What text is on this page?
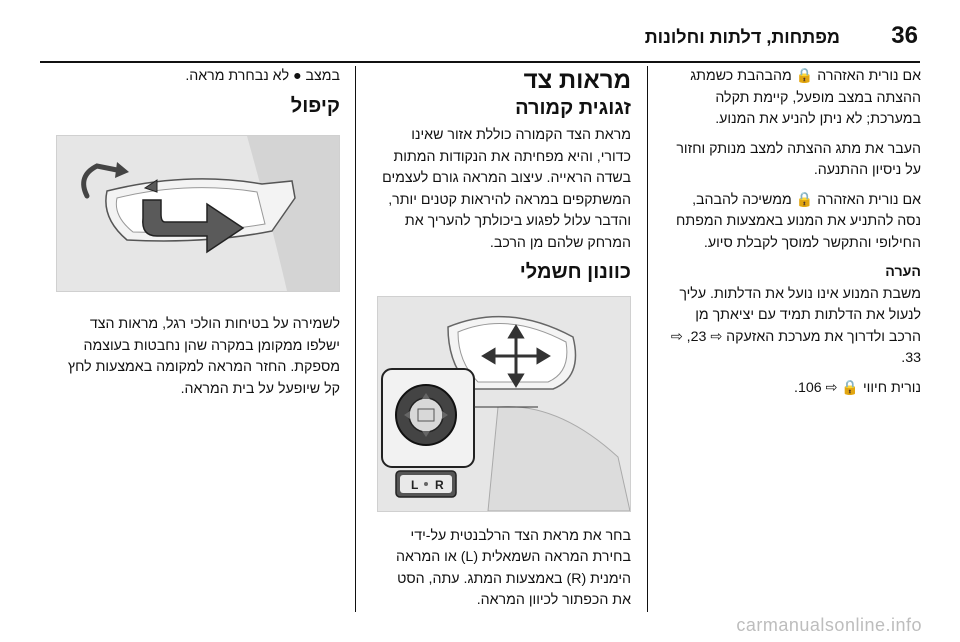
36
מפתחות, דלתות וחלונות

אם נורית האזהרה 🔒 מהבהבת כשמתג ההצתה במצב מופעל, קיימת תקלה במערכת; לא ניתן להניע את המנוע.

העבר את מתג ההצתה למצב מנותק וחזור על ניסיון ההתנעה.

אם נורית האזהרה 🔒 ממשיכה להבהב, נסה להתניע את המנוע באמצעות המפתח החילופי והתקשר למוסך לקבלת סיוע.

הערה

משבת המנוע אינו נועל את הדלתות. עליך לנעול את הדלתות תמיד עם יציאתך מן הרכב ולדרוך את מערכת האזעקה ⇨ 23, ⇨ 33.

נורית חיווי 🔒 ⇨ 106.

מראות צד
זגוגית קמורה

מראת הצד הקמורה כוללת אזור שאינו כדורי, והיא מפחיתה את הנקודות המתות בשדה הראייה. עיצוב המראה גורם לעצמים המשתקפים במראה להיראות קטנים יותר, והדבר עלול לפגוע ביכולתך להעריך את המרחק שלהם מן הרכב.

כוונון חשמלי
L R

בחר את מראת הצד הרלבנטית על-ידי בחירת המראה השמאלית (L) או המראה הימנית (R) באמצעות המתג. עתה, הסט את הכפתור לכיוון המראה.

במצב ● לא נבחרת מראה.

קיפול

לשמירה על בטיחות הולכי רגל, מראות הצד ישלפו ממקומן במקרה שהן נחבטות בעוצמה מספקת. החזר המראה למקומה באמצעות לחץ קל שיופעל על בית המראה.

carmanualsonline.info
